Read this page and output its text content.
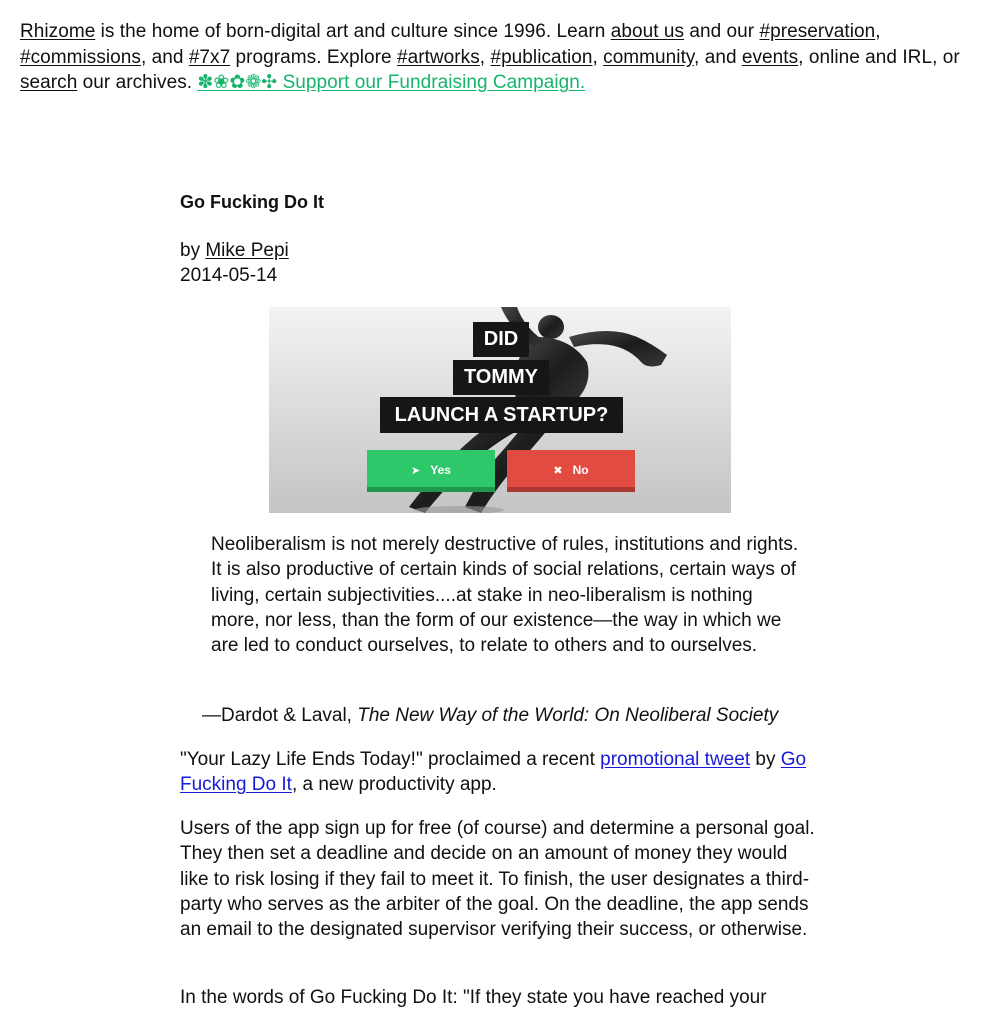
Rhizome is the home of born-digital art and culture since 1996. Learn about us and our #preservation, #commissions, and #7x7 programs. Explore #artworks, #publication, community, and events, online and IRL, or search our archives. ✽❀✿❁✣ Support our Fundraising Campaign.
Go Fucking Do It
by Mike Pepi
2014-05-14
DID
TOMMY
LAUNCH A STARTUP?
➤ Yes	✖ No

Neoliberalism is not merely destructive of rules, institutions and rights. It is also productive of certain kinds of social relations, certain ways of living, certain subjectivities....at stake in neo-liberalism is nothing more, nor less, than the form of our existence—the way in which we are led to conduct ourselves, to relate to others and to ourselves.

—Dardot & Laval, The New Way of the World: On Neoliberal Society

"Your Lazy Life Ends Today!" proclaimed a recent promotional tweet by Go Fucking Do It, a new productivity app.

Users of the app sign up for free (of course) and determine a personal goal. They then set a deadline and decide on an amount of money they would like to risk losing if they fail to meet it. To finish, the user designates a third-party who serves as the arbiter of the goal. On the deadline, the app sends an email to the designated supervisor verifying their success, or otherwise.

In the words of Go Fucking Do It: "If they state you have reached your
